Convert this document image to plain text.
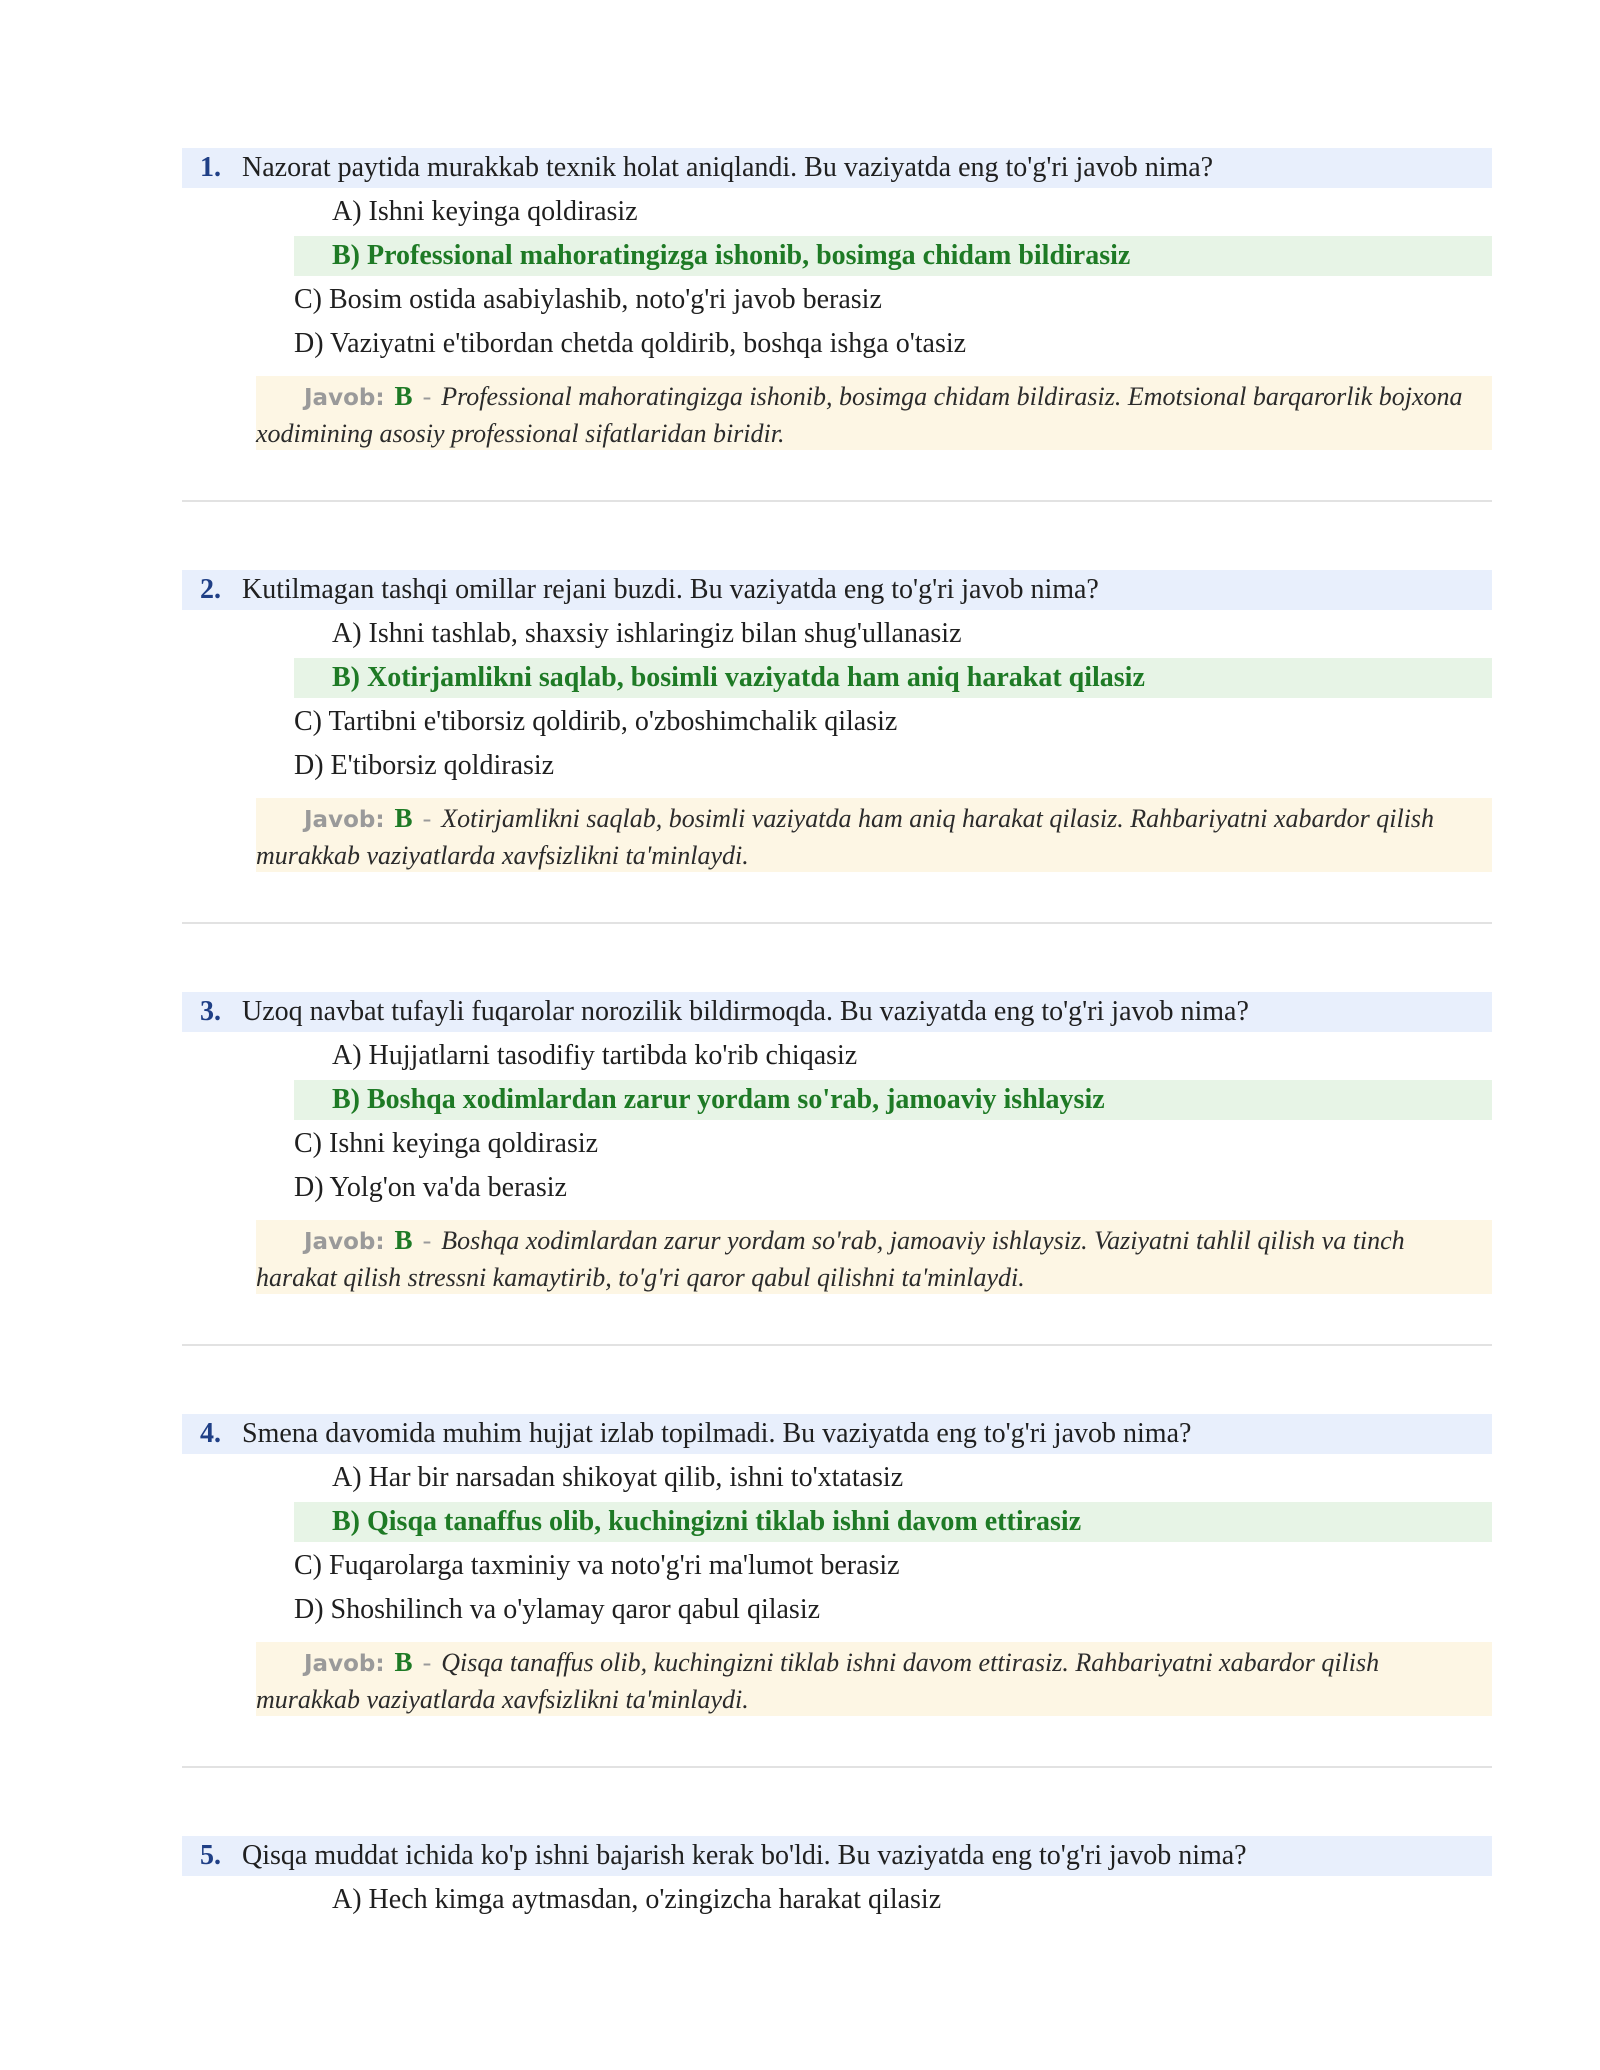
1. Nazorat paytida murakkab texnik holat aniqlandi. Bu vaziyatda eng to'g'ri javob nima?
A) Ishni keyinga qoldirasiz
B) Professional mahoratingizga ishonib, bosimga chidam bildirasiz
C) Bosim ostida asabiylashib, noto'g'ri javob berasiz
D) Vaziyatni e'tibordan chetda qoldirib, boshqa ishga o'tasiz
Javob: B - Professional mahoratingizga ishonib, bosimga chidam bildirasiz. Emotsional barqarorlik bojxona xodimining asosiy professional sifatlaridan biridir.
2. Kutilmagan tashqi omillar rejani buzdi. Bu vaziyatda eng to'g'ri javob nima?
A) Ishni tashlab, shaxsiy ishlaringiz bilan shug'ullanasiz
B) Xotirjamlikni saqlab, bosimli vaziyatda ham aniq harakat qilasiz
C) Tartibni e'tiborsiz qoldirib, o'zboshimchalik qilasiz
D) E'tiborsiz qoldirasiz
Javob: B - Xotirjamlikni saqlab, bosimli vaziyatda ham aniq harakat qilasiz. Rahbariyatni xabardor qilish murakkab vaziyatlarda xavfsizlikni ta'minlaydi.
3. Uzoq navbat tufayli fuqarolar norozilik bildirmoqda. Bu vaziyatda eng to'g'ri javob nima?
A) Hujjatlarni tasodifiy tartibda ko'rib chiqasiz
B) Boshqa xodimlardan zarur yordam so'rab, jamoaviy ishlaysiz
C) Ishni keyinga qoldirasiz
D) Yolg'on va'da berasiz
Javob: B - Boshqa xodimlardan zarur yordam so'rab, jamoaviy ishlaysiz. Vaziyatni tahlil qilish va tinch harakat qilish stressni kamaytirib, to'g'ri qaror qabul qilishni ta'minlaydi.
4. Smena davomida muhim hujjat izlab topilmadi. Bu vaziyatda eng to'g'ri javob nima?
A) Har bir narsadan shikoyat qilib, ishni to'xtatasiz
B) Qisqa tanaffus olib, kuchingizni tiklab ishni davom ettirasiz
C) Fuqarolarga taxminiy va noto'g'ri ma'lumot berasiz
D) Shoshilinch va o'ylamay qaror qabul qilasiz
Javob: B - Qisqa tanaffus olib, kuchingizni tiklab ishni davom ettirasiz. Rahbariyatni xabardor qilish murakkab vaziyatlarda xavfsizlikni ta'minlaydi.
5. Qisqa muddat ichida ko'p ishni bajarish kerak bo'ldi. Bu vaziyatda eng to'g'ri javob nima?
A) Hech kimga aytmasdan, o'zingizcha harakat qilasiz
